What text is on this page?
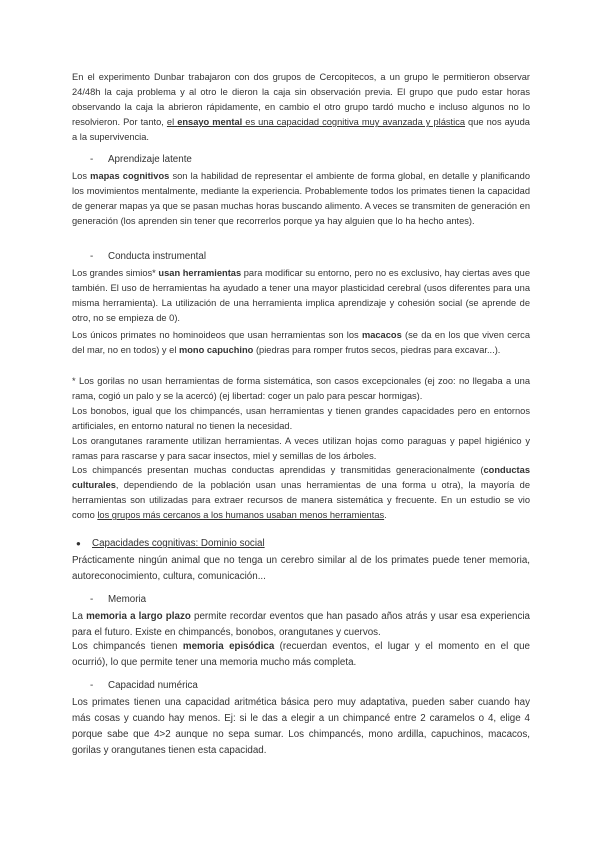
En el experimento Dunbar trabajaron con dos grupos de Cercopitecos, a un grupo le permitieron observar 24/48h la caja problema y al otro le dieron la caja sin observación previa. El grupo que pudo estar horas observando la caja la abrieron rápidamente, en cambio el otro grupo tardó mucho e incluso algunos no lo resolvieron. Por tanto, el ensayo mental es una capacidad cognitiva muy avanzada y plástica que nos ayuda a la supervivencia.

- Aprendizaje latente

Los mapas cognitivos son la habilidad de representar el ambiente de forma global, en detalle y planificando los movimientos mentalmente, mediante la experiencia. Probablemente todos los primates tienen la capacidad de generar mapas ya que se pasan muchas horas buscando alimento. A veces se transmiten de generación en generación (los aprenden sin tener que recorrerlos porque ya hay alguien que lo ha hecho antes).

- Conducta instrumental

Los grandes simios* usan herramientas para modificar su entorno, pero no es exclusivo, hay ciertas aves que también. El uso de herramientas ha ayudado a tener una mayor plasticidad cerebral (usos diferentes para una misma herramienta). La utilización de una herramienta implica aprendizaje y cohesión social (se aprende de otro, no se empieza de 0).

Los únicos primates no hominoideos que usan herramientas son los macacos (se da en los que viven cerca del mar, no en todos) y el mono capuchino (piedras para romper frutos secos, piedras para excavar...).

* Los gorilas no usan herramientas de forma sistemática, son casos excepcionales (ej zoo: no llegaba a una rama, cogió un palo y se la acercó) (ej libertad: coger un palo para pescar hormigas).

Los bonobos, igual que los chimpancés, usan herramientas y tienen grandes capacidades pero en entornos artificiales, en entorno natural no tienen la necesidad.

Los orangutanes raramente utilizan herramientas. A veces utilizan hojas como paraguas y papel higiénico y ramas para rascarse y para sacar insectos, miel y semillas de los árboles.

Los chimpancés presentan muchas conductas aprendidas y transmitidas generacionalmente (conductas culturales, dependiendo de la población usan unas herramientas de una forma u otra), la mayoría de herramientas son utilizadas para extraer recursos de manera sistemática y frecuente. En un estudio se vio como los grupos más cercanos a los humanos usaban menos herramientas.

● Capacidades cognitivas: Dominio social

Prácticamente ningún animal que no tenga un cerebro similar al de los primates puede tener memoria, autoreconocimiento, cultura, comunicación...

- Memoria

La memoria a largo plazo permite recordar eventos que han pasado años atrás y usar esa experiencia para el futuro. Existe en chimpancés, bonobos, orangutanes y cuervos.

Los chimpancés tienen memoria episódica (recuerdan eventos, el lugar y el momento en el que ocurrió), lo que permite tener una memoria mucho más completa.

- Capacidad numérica

Los primates tienen una capacidad aritmética básica pero muy adaptativa, pueden saber cuando hay más cosas y cuando hay menos. Ej: si le das a elegir a un chimpancé entre 2 caramelos o 4, elige 4 porque sabe que 4>2 aunque no sepa sumar. Los chimpancés, mono ardilla, capuchinos, macacos, gorilas y orangutanes tienen esta capacidad.
